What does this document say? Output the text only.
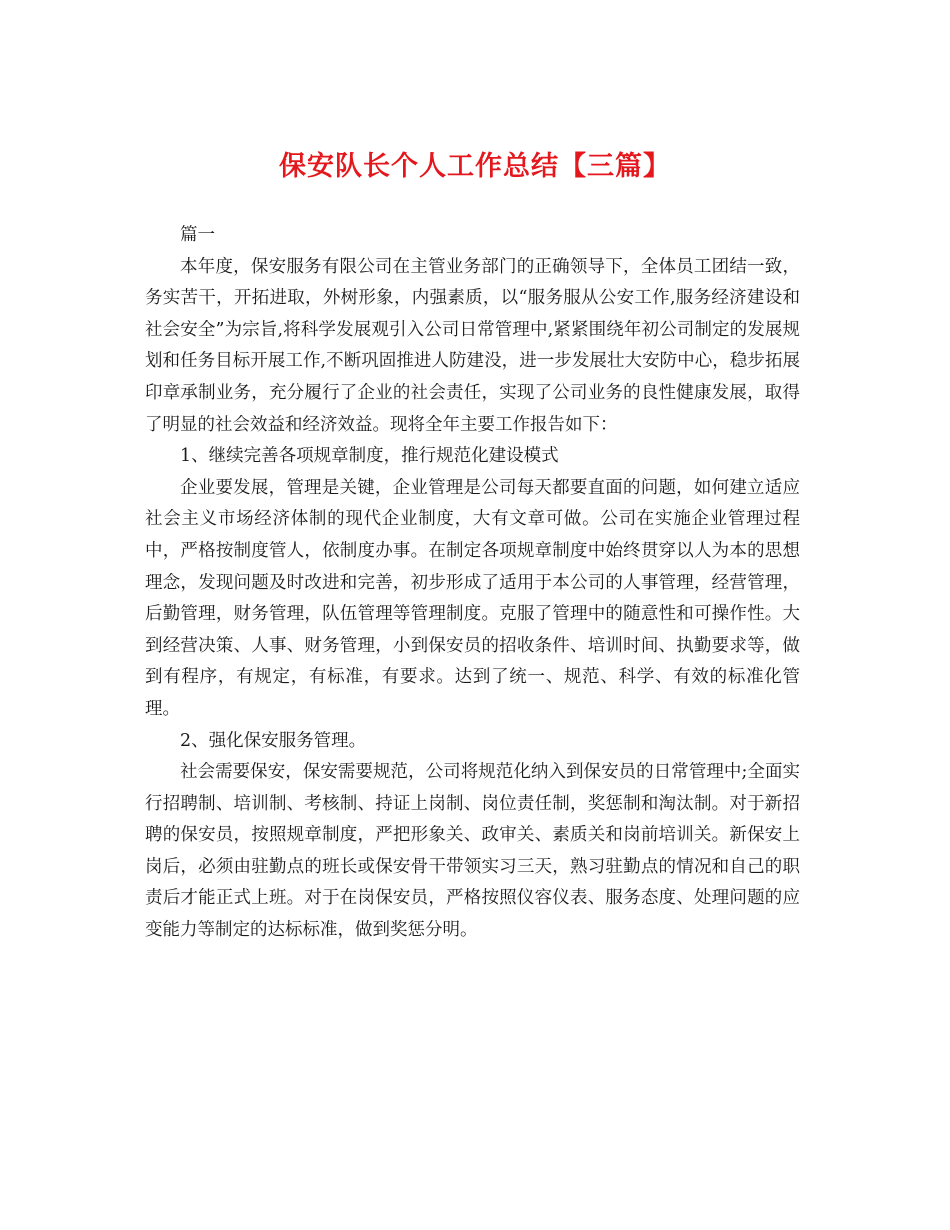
保安队长个人工作总结【三篇】

篇一

本年度，保安服务有限公司在主管业务部门的正确领导下，全体员工团结一致，务实苦干，开拓进取，外树形象，内强素质，以“服务服从公安工作,服务经济建设和社会安全”为宗旨,将科学发展观引入公司日常管理中,紧紧围绕年初公司制定的发展规划和任务目标开展工作,不断巩固推进人防建没，进一步发展壮大安防中心，稳步拓展印章承制业务，充分履行了企业的社会责任，实现了公司业务的良性健康发展，取得了明显的社会效益和经济效益。现将全年主要工作报告如下：

1、继续完善各项规章制度，推行规范化建设模式

企业要发展，管理是关键，企业管理是公司每天都要直面的问题，如何建立适应社会主义市场经济体制的现代企业制度，大有文章可做。公司在实施企业管理过程中，严格按制度管人，依制度办事。在制定各项规章制度中始终贯穿以人为本的思想理念，发现问题及时改进和完善，初步形成了适用于本公司的人事管理，经营管理，后勤管理，财务管理，队伍管理等管理制度。克服了管理中的随意性和可操作性。大到经营决策、人事、财务管理，小到保安员的招收条件、培训时间、执勤要求等，做到有程序，有规定，有标准，有要求。达到了统一、规范、科学、有效的标准化管理。

2、强化保安服务管理。

社会需要保安，保安需要规范，公司将规范化纳入到保安员的日常管理中;全面实行招聘制、培训制、考核制、持证上岗制、岗位责任制，奖惩制和淘汰制。对于新招聘的保安员，按照规章制度，严把形象关、政审关、素质关和岗前培训关。新保安上岗后，必须由驻勤点的班长或保安骨干带领实习三天，熟习驻勤点的情况和自己的职责后才能正式上班。对于在岗保安员，严格按照仪容仪表、服务态度、处理问题的应变能力等制定的达标标准，做到奖惩分明。
